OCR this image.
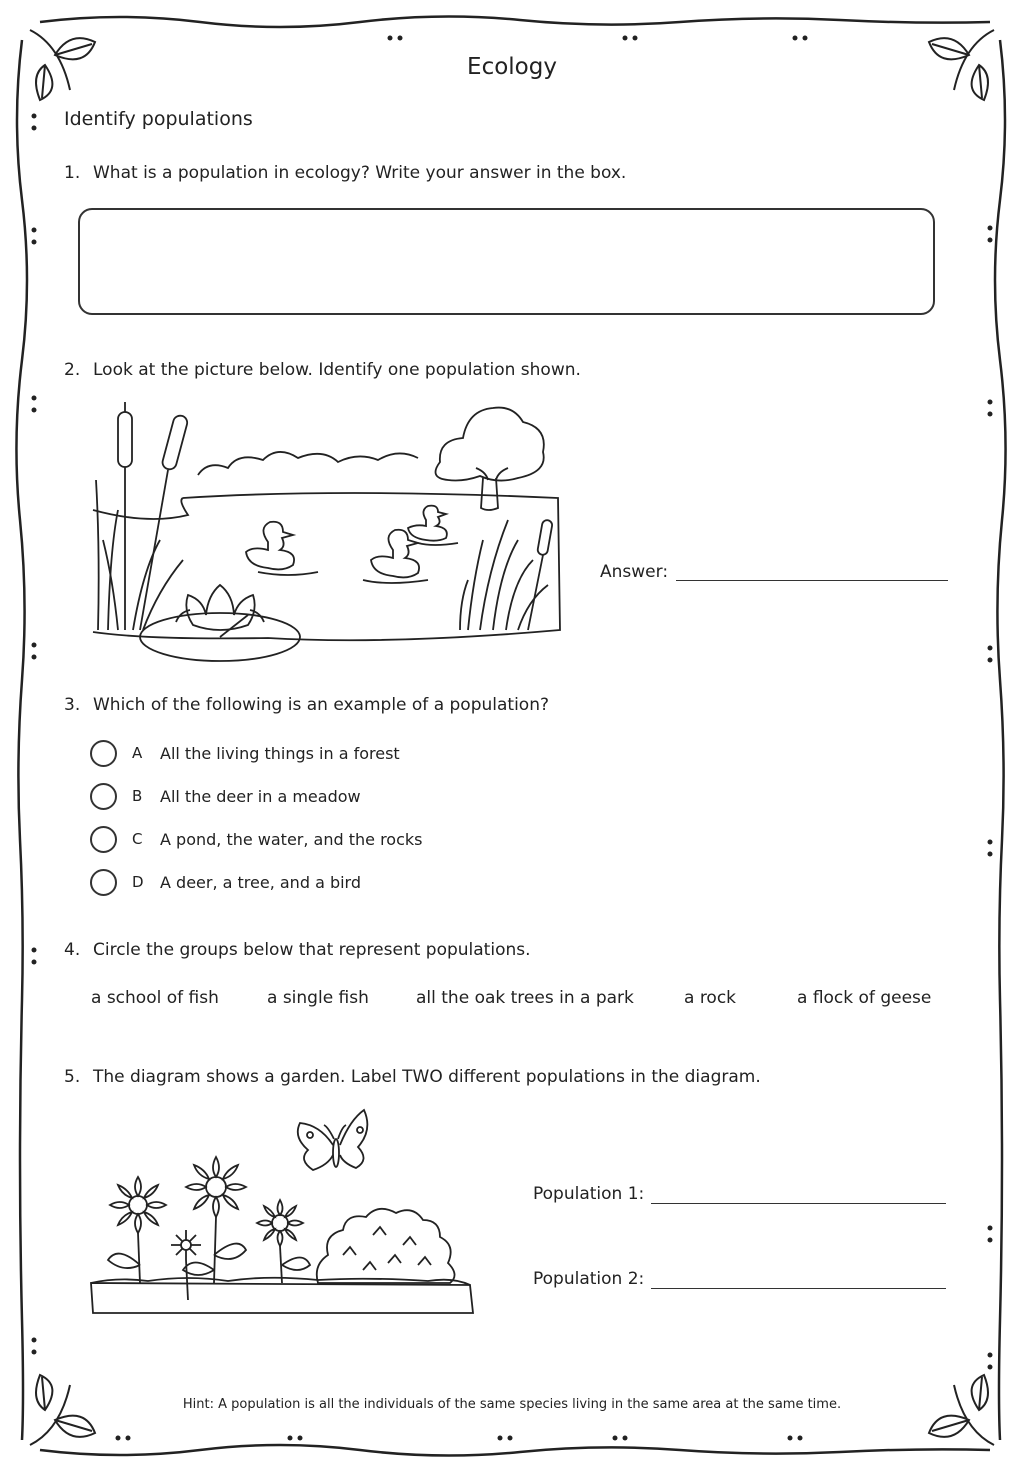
Ecology
Identify populations
1. What is a population in ecology? Write your answer in the box.
2. Look at the picture below. Identify one population shown.
Answer:
3. Which of the following is an example of a population?
A	All the living things in a forest
B	All the deer in a meadow
C	A pond, the water, and the rocks
D	A deer, a tree, and a bird
4. Circle the groups below that represent populations.
a school of fish	a single fish	all the oak trees in a park	a rock	a flock of geese
5. The diagram shows a garden. Label TWO different populations in the diagram.
Population 1:
Population 2:
Hint: A population is all the individuals of the same species living in the same area at the same time.
